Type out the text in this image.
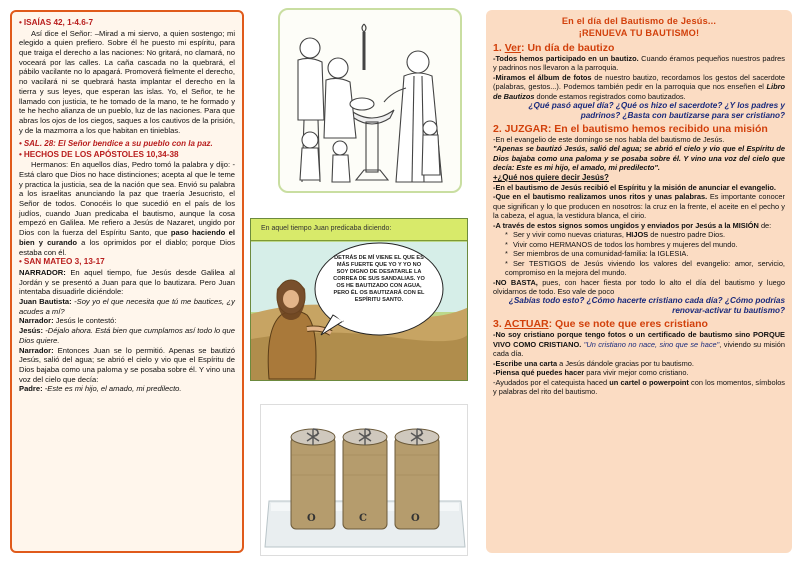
• ISAÍAS 42, 1-4.6-7

Así dice el Señor: –Mirad a mi siervo, a quien sostengo; mi elegido a quien prefiero. Sobre él he puesto mi espíritu, para que traiga el derecho a las naciones: No gritará, no clamará, no voceará por las calles. La caña cascada no la quebrará, el pábilo vacilante no lo apagará. Promoverá fielmente el derecho, no vacilará ni se quebrará hasta implantar el derecho en la tierra y sus leyes, que esperan las islas. Yo, el Señor, te he llamado con justicia, te he tomado de la mano, te he formado y te he hecho alianza de un pueblo, luz de las naciones. Para que abras los ojos de los ciegos, saques a los cautivos de la prisión, y de la mazmorra a los que habitan en tinieblas.

• SAL. 28: El Señor bendice a su pueblo con la paz.
• HECHOS DE LOS APÓSTOLES 10,34-38

Hermanos: En aquellos días, Pedro tomó la palabra y dijo: - Está claro que Dios no hace distinciones; acepta al que le teme y practica la justicia, sea de la nación que sea. Envió su palabra a los israelitas anunciando la paz que traería Jesucristo, el Señor de todos. Conocéis lo que sucedió en el país de los judíos, cuando Juan predicaba el bautismo, aunque la cosa empezó en Galilea. Me refiero a Jesús de Nazaret, ungido por Dios con la fuerza del Espíritu Santo, que paso haciendo el bien y curando a los oprimidos por el diablo; porque Dios estaba con él.

• SAN MATEO 3, 13-17

NARRADOR: En aquel tiempo, fue Jesús desde Galilea al Jordán y se presentó a Juan para que lo bautizara. Pero Juan intentaba disuadirle diciéndole:

Juan Bautista: -Soy yo el que necesita que tú me bautices, ¿y acudes a mí?

Narrador: Jesús le contestó:

Jesús: -Déjalo ahora. Está bien que cumplamos así todo lo que Dios quiere.

Narrador: Entonces Juan se lo permitió. Apenas se bautizó Jesús, salió del agua; se abrió el cielo y vio que el Espíritu de Dios bajaba como una paloma y se posaba sobre él. Y vino una voz del cielo que decía:

Padre: -Este es mi hijo, el amado, mi predilecto.

En aquel tiempo Juan predicaba diciendo:
DETRÁS DE MÍ VIENE EL QUE ES MÁS FUERTE QUE YO Y YO NO SOY DIGNO DE DESATARLE LA CORREA DE SUS SANDALIAS. YO OS HE BAUTIZADO CON AGUA, PERO ÉL OS BAUTIZARÁ CON EL ESPÍRITU SANTO.
O	C	O
En el día del Bautismo de Jesús...
¡RENUEVA TU BAUTISMO!
1. Ver: Un día de bautizo

-Todos hemos participado en un bautizo. Cuando éramos pequeños nuestros padres y padrinos nos llevaron a la parroquia.

-Miramos el álbum de fotos de nuestro bautizo, recordamos los gestos del sacerdote (palabras, gestos...). Podemos también pedir en la parroquia que nos enseñen el Libro de Bautizos donde estamos registrados como bautizados.

¿Qué pasó aquel día? ¿Qué os hizo el sacerdote? ¿Y los padres y padrinos? ¿Basta con bautizarse para ser cristiano?

2. JUZGAR: En el bautismo hemos recibido una misión

-En el evangelio de este domingo se nos habla del bautismo de Jesús.

"Apenas se bautizó Jesús, salió del agua; se abrió el cielo y vio que el Espíritu de Dios bajaba como una paloma y se posaba sobre él. Y vino una voz del cielo que decía: Este es mi hijo, el amado, mi predilecto".

+¿Qué nos quiere decir Jesús?

-En el bautismo de Jesús recibió el Espíritu y la misión de anunciar el evangelio.

-Que en el bautismo realizamos unos ritos y unas palabras. Es importante conocer que significan y lo que producen en nosotros: la cruz en la frente, el aceite en el pecho y la cabeza, el agua, la vestidura blanca, el cirio.

-A través de estos signos somos ungidos y enviados por Jesús a la MISIÓN de:

* Ser y vivir como nuevas criaturas, HIJOS de nuestro padre Dios.

* Vivir como HERMANOS de todos los hombres y mujeres del mundo.

* Ser miembros de una comunidad-familia: la IGLESIA.

* Ser TESTIGOS de Jesús viviendo los valores del evangelio: amor, servicio, compromiso en la mejora del mundo.

-NO BASTA, pues, con hacer fiesta por todo lo alto el día del bautismo y luego olvidarnos de todo. Eso vale de poco

¿Sabías todo esto? ¿Cómo hacerte cristiano cada día? ¿Cómo podrías renovar-activar tu bautismo?

3. ACTUAR: Que se note que eres cristiano

-No soy cristiano porque tengo fotos o un certificado de bautismo sino PORQUE VIVO COMO CRISTIANO. "Un cristiano no nace, sino que se hace", viviendo su misión cada día.

-Escribe una carta a Jesús dándole gracias por tu bautismo.

-Piensa qué puedes hacer para vivir mejor como cristiano.

-Ayudados por el catequista haced un cartel o powerpoint con los momentos, símbolos y palabras del rito del bautismo.
